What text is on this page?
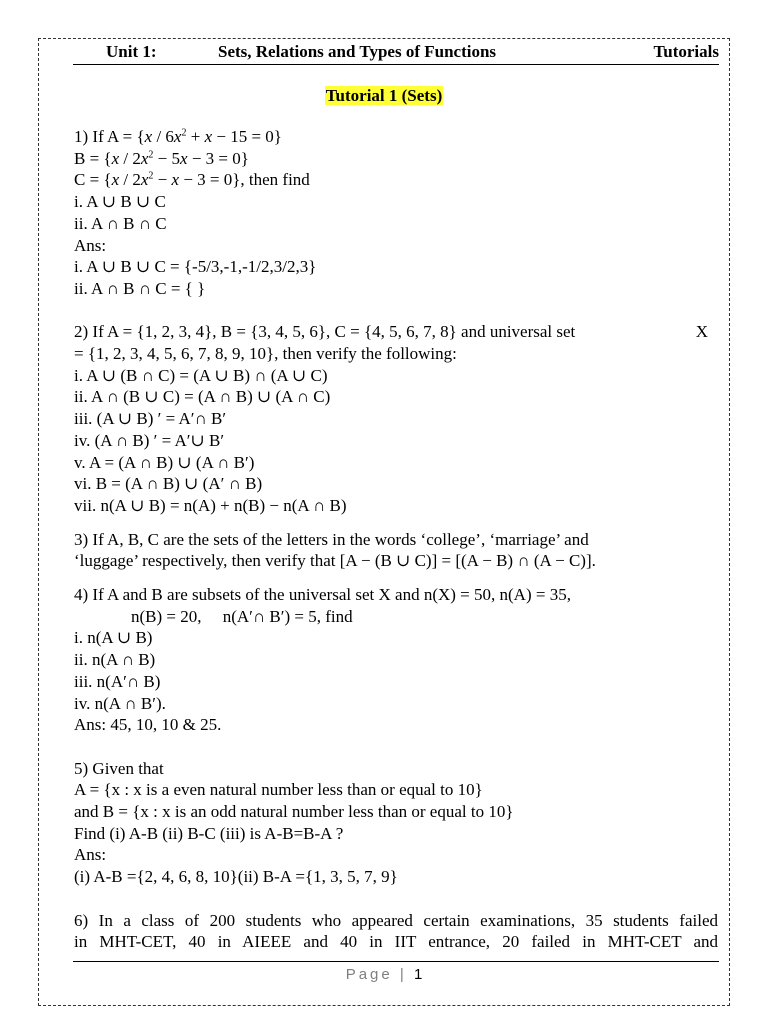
Unit 1:	Sets, Relations and Types of Functions	Tutorials
Tutorial 1 (Sets)

1) If $A = \{x / 6x^2 + x - 15 = 0\}$

$B = \{x / 2x^2 - 5x - 3 = 0\}$

$C = \{x / 2x^2 - x - 3 = 0\}$, then find

i. A ∪ B ∪ C

ii. A ∩ B ∩ C

Ans:

i. A ∪ B ∪ C = {-5/3,-1,-1/2,3/2,3}

ii. A ∩ B ∩ C = { }

2) If A = {1, 2, 3, 4}, B = {3, 4, 5, 6}, C = {4, 5, 6, 7, 8} and universal set	X

= {1, 2, 3, 4, 5, 6, 7, 8, 9, 10}, then verify the following:

i. A ∪ (B ∩ C) = (A ∪ B) ∩ (A ∪ C)

ii. A ∩ (B ∪ C) = (A ∩ B) ∪ (A ∩ C)

iii. (A ∪ B) ′ = A′∩ B′

iv. (A ∩ B) ′ = A′∪ B′

v. A = (A ∩ B) ∪ (A ∩ B′)

vi. B = (A ∩ B) ∪ (A′ ∩ B)

vii. n(A ∪ B) = n(A) + n(B) − n(A ∩ B)

3) If A, B, C are the sets of the letters in the words ‘college’, ‘marriage’ and

‘luggage’ respectively, then verify that [A − (B ∪ C)] = [(A − B) ∩ (A − C)].

4) If A and B are subsets of the universal set X and n(X) = 50, n(A) = 35,

n(B) = 20,     n(A′∩ B′) = 5, find

i. n(A ∪ B)

ii. n(A ∩ B)

iii. n(A′∩ B)

iv. n(A ∩ B′).

Ans: 45, 10, 10 & 25.

5) Given that

A = {x : x is a even natural number less than or equal to 10}

and B = {x : x is an odd natural number less than or equal to 10}

Find (i) A-B (ii) B-C (iii) is A-B=B-A ?

Ans:

(i) A-B ={2, 4, 6, 8, 10}(ii) B-A ={1, 3, 5, 7, 9}

6) In a class of 200 students who appeared certain examinations, 35 students failed

in MHT-CET, 40 in AIEEE and 40 in IIT entrance, 20 failed in MHT-CET and

Page | 1
